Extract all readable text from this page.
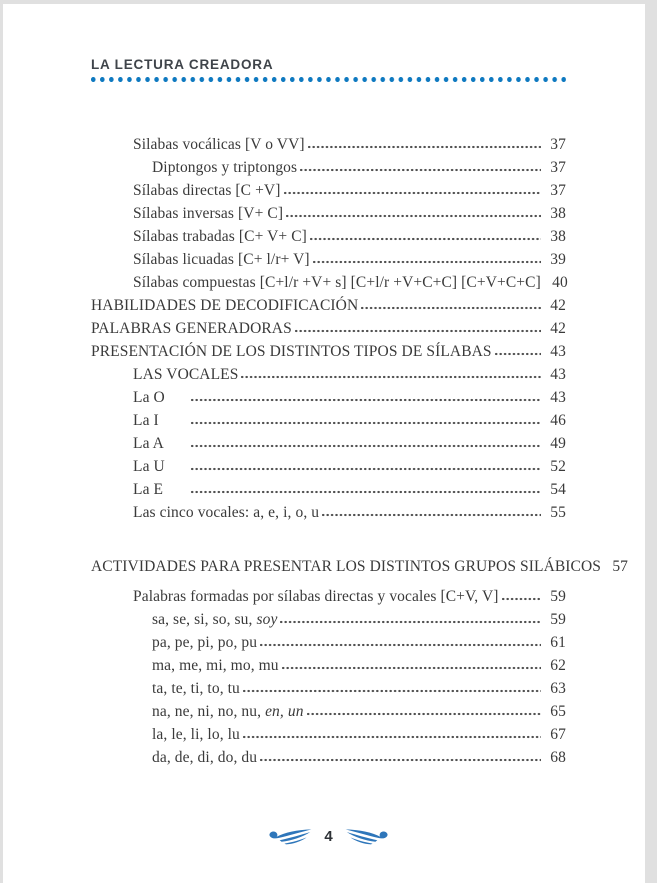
LA LECTURA CREADORA
Silabas vocálicas [V o VV]	37
Diptongos y triptongos	37
Sílabas directas [C +V]	37
Sílabas inversas [V+ C]	38
Sílabas trabadas [C+ V+ C]	38
Sílabas licuadas [C+ l/r+ V]	39
Sílabas compuestas [C+l/r +V+ s] [C+l/r +V+C+C] [C+V+C+C] 40
HABILIDADES DE DECODIFICACIÓN	42
PALABRAS GENERADORAS	42
PRESENTACIÓN DE LOS DISTINTOS TIPOS DE SÍLABAS	43
LAS VOCALES	43
La O	43
La I	46
La A	49
La U	52
La E	54
Las cinco vocales: a, e, i, o, u	55
ACTIVIDADES PARA PRESENTAR LOS DISTINTOS GRUPOS SILÁBICOS 57
Palabras formadas por sílabas directas y vocales [C+V, V]	59
sa, se, si, so, su, soy	59
pa, pe, pi, po, pu	61
ma, me, mi, mo, mu	62
ta, te, ti, to, tu	63
na, ne, ni, no, nu, en, un	65
la, le, li, lo, lu	67
da, de, di, do, du	68
4
